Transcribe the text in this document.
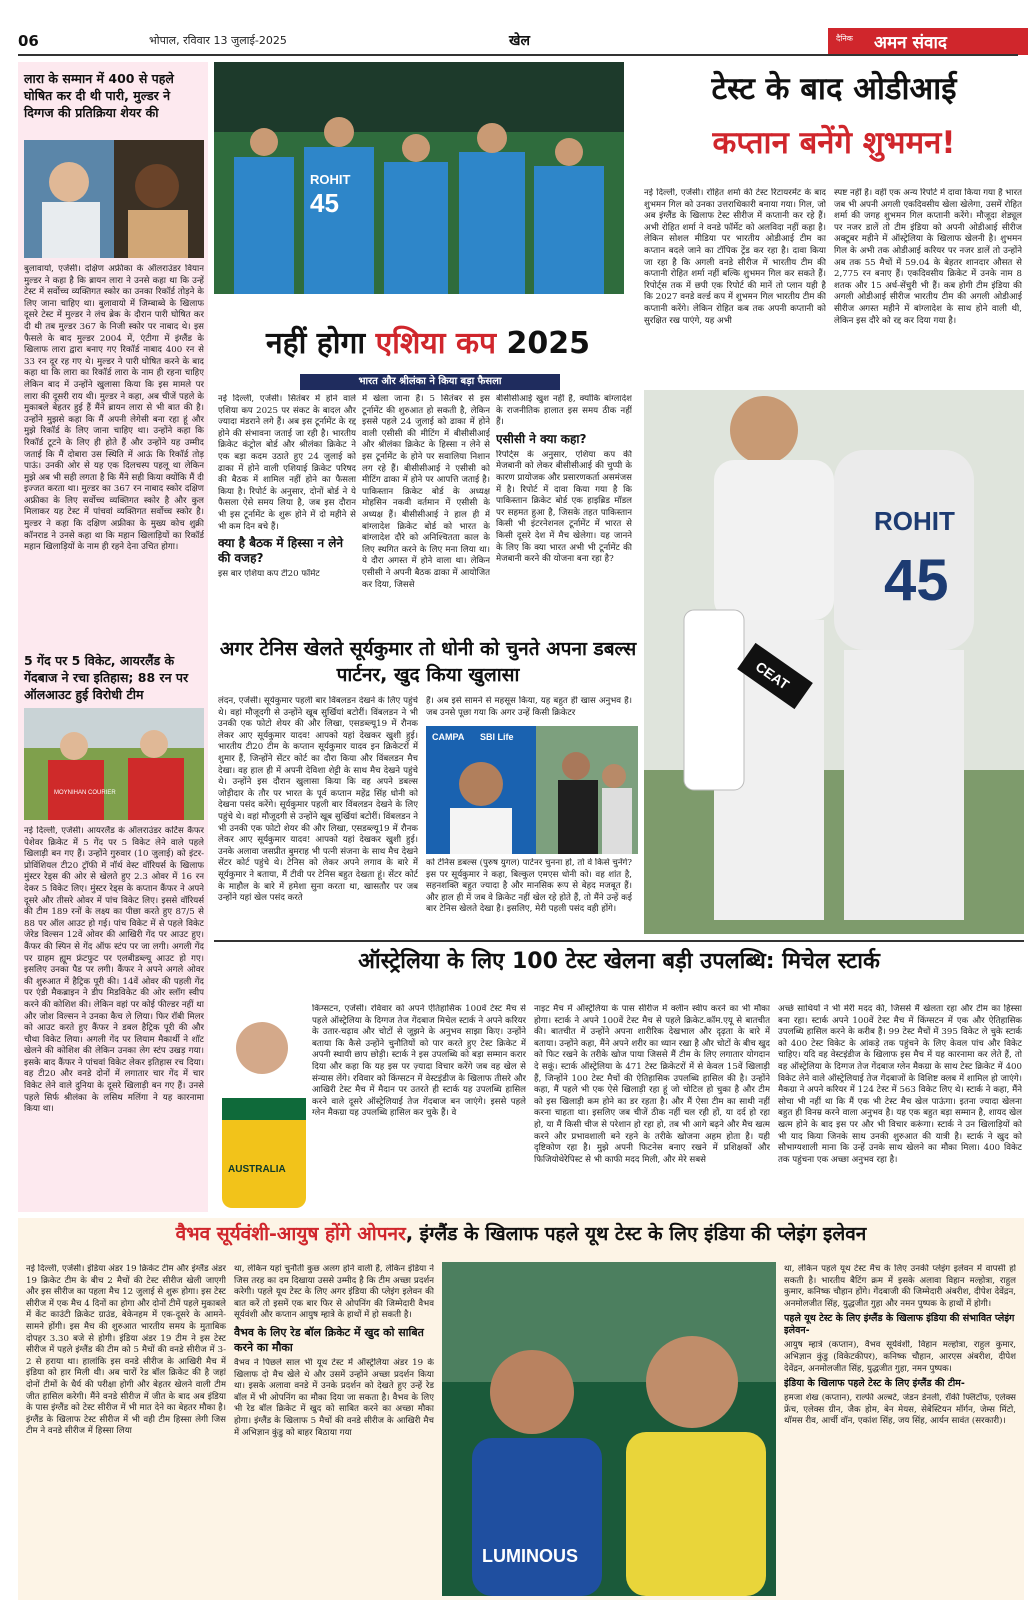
06	भोपाल, रविवार 13 जुलाई-2025	खेल	दैनिक अमन संवाद
लारा के सम्मान में 400 से पहले घोषित कर दी थी पारी, मुल्डर ने दिग्गज की प्रतिक्रिया शेयर की
बुलावायो, एजेंसी। दक्षिण अफ्रीका के ऑलराउंडर वियान मुल्डर ने कहा है कि ब्रायन लारा ने उनसे कहा था कि उन्हें टेस्ट में सर्वोच्च व्यक्तिगत स्कोर का उनका रिकॉर्ड तोड़ने के लिए जाना चाहिए था। बुलावायो में जिम्बाब्वे के खिलाफ दूसरे टेस्ट में मुल्डर ने लंच ब्रेक के दौरान पारी घोषित कर दी थी तब मुल्डर 367 के निजी स्कोर पर नाबाद थे। इस फैसले के बाद मुल्डर 2004 में, एंटीगा में इंग्लैंड के खिलाफ लारा द्वारा बनाए गए रिकॉर्ड नाबाद 400 रन से 33 रन दूर रह गए थे। मुल्डर ने पारी घोषित करने के बाद कहा था कि लारा का रिकॉर्ड लारा के नाम ही रहना चाहिए लेकिन बाद में उन्होंने खुलासा किया कि इस मामले पर लारा की दूसरी राय थी। मुल्डर ने कहा, अब चीजें पहले के मुकाबले बेहतर हुई हैं मैंने ब्रायन लारा से भी बात की है। उन्होंने मुझसे कहा कि मैं अपनी लेगेसी बना रहा हूं और मुझे रिकॉर्ड के लिए जाना चाहिए था। उन्होंने कहा कि रिकॉर्ड टूटने के लिए ही होते हैं और उन्होंने यह उम्मीद जताई कि मैं दोबारा उस स्थिति में आऊं कि रिकॉर्ड तोड़ पाऊं। उनकी ओर से यह एक दिलचस्प पहलू था लेकिन मुझे अब भी सही लगता है कि मैंने सही किया क्योंकि मैं दी इज्जत करता था। मुल्डर का 367 रन नाबाद स्कोर दक्षिण अफ्रीका के लिए सर्वोच्च व्यक्तिगत स्कोर है और कुल मिलाकर यह टेस्ट में पांचवां व्यक्तिगत सर्वोच्च स्कोर है। मुल्डर ने कहा कि दक्षिण अफ्रीका के मुख्य कोच शुक्री कॉनराड ने उनसे कहा था कि महान खिलाड़ियों का रिकॉर्ड महान खिलाड़ियों के नाम ही रहने देना उचित होगा।
5 गेंद पर 5 विकेट, आयरलैंड के गेंदबाज ने रचा इतिहास; 88 रन पर ऑलआउट हुई विरोधी टीम
MOYNIHAN COURIER
नई दिल्ली, एजेंसी। आयरलैंड के ऑलराउंडर कर्टिस कैंफर पेशेवर क्रिकेट में 5 गेंद पर 5 विकेट लेने वाले पहले खिलाड़ी बन गए हैं। उन्होंने गुरुवार (10 जुलाई) को इंटर-प्रोविंशियल टी20 ट्रॉफी में नॉर्थ वेस्ट वॉरियर्स के खिलाफ मुंस्टर रेड्स की ओर से खेलते हुए 2.3 ओवर में 16 रन देकर 5 विकेट लिए। मुंस्टर रेड्स के कप्तान कैंफर ने अपने दूसरे और तीसरे ओवर में पांच विकेट लिए। इससे वॉरियर्स की टीम 189 रनों के लक्ष्य का पीछा करते हुए 87/5 से 88 पर ऑल आउट हो गई। पांच विकेट में से पहले विकेट जेरेड विल्सन 12वें ओवर की आखिरी गेंद पर आउट हुए। कैंफर की स्पिन से गेंद ऑफ स्टंप पर जा लगी। अगली गेंद पर ग्राहम ह्यूम फ्रंटफुट पर एलबीडब्ल्यू आउट हो गए। इसलिए उनका पैड पर लगी। कैंफर ने अपने अगले ओवर की शुरुआत में हैट्रिक पूरी की। 14वें ओवर की पहली गेंद पर एंडी मैकब्राइन ने डीप मिडविकेट की ओर स्लॉग स्वीप करने की कोशिश की। लेकिन वहां पर कोई फील्डर नहीं था और जोश विल्सन ने उनका कैच ले लिया। फिर रॉबी मिलर को आउट करते हुए कैंफर ने डबल हैट्रिक पूरी की और चौथा विकेट लिया। अगली गेंद पर लियाम मैकार्थी ने शॉट खेलने की कोशिश की लेकिन उनका लेग स्टंप उखड़ गया। इसके बाद कैंफर ने पांचवां विकेट लेकर इतिहास रच दिया। वह टी20 और वनडे दोनों में लगातार चार गेंद में चार विकेट लेने वाले दुनिया के दूसरे खिलाड़ी बन गए हैं। उनसे पहले सिर्फ श्रीलंका के लसिथ मलिंगा ने यह कारनामा किया था।
ROHIT
45
टेस्ट के बाद ओडीआई
कप्तान बनेंगे शुभमन!
नई दिल्ली, एजेंसी। रोहित शर्मा की टेस्ट रिटायरमेंट के बाद शुभमन गिल को उनका उत्तराधिकारी बनाया गया। गिल, जो अब इंग्लैंड के खिलाफ टेस्ट सीरीज में कप्तानी कर रहे हैं। अभी रोहित शर्मा ने वनडे फॉर्मेट को अलविदा नहीं कहा है। लेकिन सोशल मीडिया पर भारतीय ओडीआई टीम का कप्तान बदले जाने का टॉपिक ट्रेंड कर रहा है। दावा किया जा रहा है कि अगली वनडे सीरीज में भारतीय टीम की कप्तानी रोहित शर्मा नहीं बल्कि शुभमन गिल कर सकते हैं। रिपोर्ट्स तक में छपी एक रिपोर्ट की मानें तो प्लान यही है कि 2027 वनडे वर्ल्ड कप में शुभमन गिल भारतीय टीम की कप्तानी करेंगे। लेकिन रोहित कब तक अपनी कप्तानी को सुरक्षित रख पाएंगे, यह अभी
स्पष्ट नहीं है। वहीं एक अन्य रिपोर्ट में दावा किया गया है भारत जब भी अपनी अगली एकदिवसीय खेला खेलेगा, उसमें रोहित शर्मा की जगह शुभमन गिल कप्तानी करेंगे। मौजूदा शेड्यूल पर नजर डालें तो टीम इंडिया को अपनी ओडीआई सीरीज अक्टूबर महीने में ऑस्ट्रेलिया के खिलाफ खेलनी है। शुभमन गिल के अभी तक ओडीआई करियर पर नजर डालें तो उन्होंने अब तक 55 मैचों में 59.04 के बेहतर शानदार औसत से 2,775 रन बनाए हैं। एकदिवसीय क्रिकेट में उनके नाम 8 शतक और 15 अर्ध-सेंचुरी भी हैं। कब होगी टीम इंडिया की अगली ओडीआई सीरीज भारतीय टीम की अगली ओडीआई सीरीज अगस्त महीने में बांग्लादेश के साथ होने वाली थी, लेकिन इस दौरे को रद्द कर दिया गया है।
ROHIT
45
CEAT
नहीं होगा एशिया कप 2025
भारत और श्रीलंका ने किया बड़ा फैसला
नई दिल्ली, एजेंसी। सितंबर में होने वाले एशिया कप 2025 पर संकट के बादल और ज्यादा मंडराने लगे हैं। अब इस टूर्नामेंट के रद्द होने की संभावना जताई जा रही है। भारतीय क्रिकेट कंट्रोल बोर्ड और श्रीलंका क्रिकेट ने एक बड़ा कदम उठाते हुए 24 जुलाई को ढाका में होने वाली एशियाई क्रिकेट परिषद की बैठक में शामिल नहीं होने का फैसला किया है। रिपोर्ट के अनुसार, दोनों बोर्ड ने ये फैसला ऐसे समय लिया है, जब इस दौरान भी इस टूर्नामेंट के शुरू होने में दो महीने से भी कम दिन बचे हैं।
क्या है बैठक में हिस्सा न लेने की वजह?
इस बार एशिया कप टी20 फॉर्मेट
में खेला जाना है। 5 सितंबर से इस टूर्नामेंट की शुरुआत हो सकती है, लेकिन इससे पहले 24 जुलाई को ढाका में होने वाली एसीसी की मीटिंग में बीसीसीआई और श्रीलंका क्रिकेट के हिस्सा न लेने से इस टूर्नामेंट के होने पर सवालिया निशान लग रहे हैं। बीसीसीआई ने एसीसी को मीटिंग ढाका में होने पर आपत्ति जताई है। पाकिस्तान क्रिकेट बोर्ड के अध्यक्ष मोहसिन नकवी वर्तमान में एसीसी के अध्यक्ष हैं। बीसीसीआई ने हाल ही में बांग्लादेश क्रिकेट बोर्ड को भारत के बांग्लादेश दौरे को अनिश्चितता काल के लिए स्थगित करने के लिए मना लिया था। ये दौरा अगस्त में होने वाला था। लेकिन एसीसी ने अपनी बैठक ढाका में आयोजित कर दिया, जिससे
बीसीसीआई खुश नहीं है, क्योंकि बांग्लादेश के राजनीतिक हालात इस समय ठीक नहीं हैं।
एसीसी ने क्या कहा?
रिपोर्ट्स के अनुसार, एशिया कप की मेजबानी को लेकर बीसीसीआई की चुप्पी के कारण प्रायोजक और प्रसारणकर्ता असमंजस में है। रिपोर्ट में दावा किया गया है कि पाकिस्तान क्रिकेट बोर्ड एक हाइब्रिड मॉडल पर सहमत हुआ है, जिसके तहत पाकिस्तान किसी भी इंटरनेशनल टूर्नामेंट में भारत से किसी दूसरे देश में मैच खेलेगा। यह जानने के लिए कि क्या भारत अभी भी टूर्नामेंट की मेजबानी करने की योजना बना रहा है?
अगर टेनिस खेलते सूर्यकुमार तो धोनी को चुनते अपना डबल्स पार्टनर, खुद किया खुलासा
लंदन, एजेंसी। सूर्यकुमार पहली बार विंबलडन देखने के लिए पहुंचे थे। वहां मौजूदगी से उन्होंने खूब सुर्खियां बटोरीं। विंबलडन ने भी उनकी एक फोटो शेयर की और लिखा, एसडब्ल्यू19 में रौनक लेकर आए सूर्यकुमार यादव! आपको यहां देखकर खुशी हुई। भारतीय टी20 टीम के कप्तान सूर्यकुमार यादव इन क्रिकेटरों में शुमार हैं, जिन्होंने सेंटर कोर्ट का दौरा किया और विंबलडन मैच देखा। वह हाल ही में अपनी देविशा शेट्टी के साथ मैच देखने पहुंचे थे। उन्होंने इस दौरान खुलासा किया कि वह अपने डबल्स जोड़ीदार के तौर पर भारत के पूर्व कप्तान महेंद्र सिंह धोनी को देखना पसंद करेंगे। सूर्यकुमार पहली बार विंबलडन देखने के लिए पहुंचे थे। वहां मौजूदगी से उन्होंने खूब सुर्खियां बटोरीं। विंबलडन ने भी उनकी एक फोटो शेयर की और लिखा, एसडब्ल्यू19 में रौनक लेकर आए सूर्यकुमार यादव! आपको यहां देखकर खुशी हुई। उनके अलावा जसप्रीत बुमराह भी पत्नी संजना के साथ मैच देखने सेंटर कोर्ट पहुंचे थे। टेनिस को लेकर अपने लगाव के बारे में सूर्यकुमार ने बताया, मैं टीवी पर टेनिस बहुत देखता हूं। सेंटर कोर्ट के माहौल के बारे में हमेशा सुना करता था, खासतौर पर जब उन्होंने यहां खेल पसंद करते
हैं। अब इसे सामने से महसूस किया, यह बहुत ही खास अनुभव है। जब उनसे पूछा गया कि अगर उन्हें किसी क्रिकेटर
CAMPA SBI Life
को टेनिस डबल्स (पुरुष युगल) पार्टनर चुनना हो, तो वे किसे चुनेंगे? इस पर सूर्यकुमार ने कहा, बिल्कुल एमएस धोनी को। वह शांत है, सहनशक्ति बहुत ज्यादा है और मानसिक रूप से बेहद मजबूत हैं। और हाल ही में जब वे क्रिकेट नहीं खेल रहे होते हैं, तो मैंने उन्हें कई बार टेनिस खेलते देखा है। इसलिए, मेरी पहली पसंद वही होंगे।
ऑस्ट्रेलिया के लिए 100 टेस्ट खेलना बड़ी उपलब्धि: मिचेल स्टार्क
AUSTRALIA
किंग्सटन, एजेंसी। रविवार को अपने ऐतिहासिक 100वें टेस्ट मैच से पहले ऑस्ट्रेलिया के दिग्गज तेज गेंदबाज मिचेल स्टार्क ने अपने करियर के उतार-चढ़ाव और चोटों से जूझने के अनुभव साझा किए। उन्होंने बताया कि कैसे उन्होंने चुनौतियों को पार करते हुए टेस्ट क्रिकेट में अपनी स्थायी छाप छोड़ी। स्टार्क ने इस उपलब्धि को बड़ा सम्मान करार दिया और कहा कि यह इस पर ज़्यादा विचार करेंगे जब वह खेल से संन्यास लेंगे। रविवार को किंग्सटन में वेस्टइंडीज के खिलाफ तीसरे और आखिरी टेस्ट मैच में मैदान पर उतरते ही स्टार्क यह उपलब्धि हासिल करने वाले दूसरे ऑस्ट्रेलियाई तेज गेंदबाज बन जाएंगे। इससे पहले ग्लेन मैकग्रा यह उपलब्धि हासिल कर चुके हैं। वे
नाइट मैच में ऑस्ट्रेलिया के पास सीरीज में क्लीन स्वीप करने का भी मौका होगा। स्टार्क ने अपने 100वें टेस्ट मैच से पहले क्रिकेट.कॉम.एयू से बातचीत की। बातचीत में उन्होंने अपना शारीरिक देखभाल और दृढ़ता के बारे में बताया। उन्होंने कहा, मैंने अपने शरीर का ध्यान रखा है और चोटों के बीच खुद को फिट रखने के तरीके खोज पाया जिससे मैं टीम के लिए लगातार योगदान दे सकूं। स्टार्क ऑस्ट्रेलिया के 471 टेस्ट क्रिकेटरों में से केवल 15वें खिलाड़ी हैं, जिन्होंने 100 टेस्ट मैचों की ऐतिहासिक उपलब्धि हासिल की है। उन्होंने कहा, मैं पहले भी एक ऐसे खिलाड़ी रहा हूं जो चोटिल हो चुका है और टीम को इस खिलाड़ी कम होने का डर रहता है। और मैं ऐसा टीम का साथी नहीं करना चाहता था। इसलिए जब चीजें ठीक नहीं चल रही हों, या दर्द हो रहा हो, या मैं किसी चीज से परेशान हो रहा हो, तब भी आगे बढ़ने और मैच खत्म करने और प्रभावशाली बने रहने के तरीके खोजना अहम होता है। यही दृष्टिकोण रहा है। मुझे अपनी फिटनेस बनाए रखने में प्रशिक्षकों और फिजियोथेरेपिस्ट से भी काफी मदद मिली, और मेरे सबसे
अच्छे साथियों ने भी मेरी मदद की, जिससे मैं खेलता रहा और टीम का हिस्सा बना रहा। स्टार्क अपने 100वें टेस्ट मैच में किंग्सटन में एक और ऐतिहासिक उपलब्धि हासिल करने के करीब हैं। 99 टेस्ट मैचों में 395 विकेट ले चुके स्टार्क को 400 टेस्ट विकेट के आंकड़े तक पहुंचने के लिए केवल पांच और विकेट चाहिए। यदि वह वेस्टइंडीज के खिलाफ इस मैच में यह कारनामा कर लेते हैं, तो वह ऑस्ट्रेलिया के दिग्गज तेज गेंदबाज ग्लेन मैकग्रा के साथ टेस्ट क्रिकेट में 400 विकेट लेने वाले ऑस्ट्रेलियाई तेज गेंदबाजों के विशिष्ट क्लब में शामिल हो जाएंगे। मैकग्रा ने अपने करियर में 124 टेस्ट में 563 विकेट लिए थे। स्टार्क ने कहा, मैंने सोचा भी नहीं था कि मैं एक भी टेस्ट मैच खेल पाऊंगा। इतना ज्यादा खेलना बहुत ही विनम्र करने वाला अनुभव है। यह एक बहुत बड़ा सम्मान है, शायद खेल खत्म होने के बाद इस पर और भी विचार करूंगा। स्टार्क ने उन खिलाड़ियों को भी याद किया जिनके साथ उनकी शुरुआत की यात्री है। स्टार्क ने खुद को सौभाग्यशाली माना कि उन्हें उनके साथ खेलने का मौका मिला। 400 विकेट तक पहुंचना एक अच्छा अनुभव रहा है।
वैभव सूर्यवंशी-आयुष होंगे ओपनर, इंग्लैंड के खिलाफ पहले यूथ टेस्ट के लिए इंडिया की प्लेइंग इलेवन
नई दिल्ली, एजेंसी। इंडिया अंडर 19 क्रिकेट टीम और इंग्लैंड अंडर 19 क्रिकेट टीम के बीच 2 मैचों की टेस्ट सीरीज खेली जाएगी और इस सीरीज का पहला मैच 12 जुलाई से शुरू होगा। इस टेस्ट सीरीज में एक मैच 4 दिनों का होगा और दोनों टीमें पहले मुकाबले में केंट काउंटी क्रिकेट ग्राउंड, बेकेनहम में एक-दूसरे के आमने-सामने होंगी। इस मैच की शुरुआत भारतीय समय के मुताबिक दोपहर 3.30 बजे से होगी। इंडिया अंडर 19 टीम ने इस टेस्ट सीरीज में पहले इंग्लैंड की टीम को 5 मैचों की वनडे सीरीज में 3-2 से हराया था। हालांकि इस वनडे सीरीज के आखिरी मैच में इंडिया को हार मिली थी। अब चारों रेड बॉल क्रिकेट की है जहां दोनों टीमों के धैर्य की परीक्षा होगी और बेहतर खेलने वाली टीम जीत हासिल करेगी। मैंने वनडे सीरीज में जीत के बाद अब इंडिया के पास इंग्लैंड को टेस्ट सीरीज में भी मात देने का बेहतर मौका है। इंग्लैंड के खिलाफ टेस्ट सीरीज में भी वही टीम हिस्सा लेगी जिस टीम ने वनडे सीरीज में हिस्सा लिया
था, लेकिन यहां चुनौती कुछ अलग होने वाली है, लेकिन इंडिया ने जिस तरह का दम दिखाया उससे उम्मीद है कि टीम अच्छा प्रदर्शन करेगी। पहले यूथ टेस्ट के लिए अगर इंडिया की प्लेइंग इलेवन की बात करें तो इसमें एक बार फिर से ओपनिंग की जिम्मेदारी वैभव सूर्यवंशी और कप्तान आयुष म्हात्रे के हाथों में हो सकती है।
वैभव के लिए रेड बॉल क्रिकेट में खुद को साबित करने का मौका
वैभव ने पिछले साल भी यूथ टेस्ट में ऑस्ट्रेलिया अंडर 19 के खिलाफ दो मैच खेले थे और उसमें उन्होंने अच्छा प्रदर्शन किया था। इसके अलावा वनडे में उनके प्रदर्शन को देखते हुए उन्हें रेड बॉल में भी ओपनिंग का मौका दिया जा सकता है। वैभव के लिए भी रेड बॉल क्रिकेट में खुद को साबित करने का अच्छा मौका होगा। इंग्लैंड के खिलाफ 5 मैचों की वनडे सीरीज के आखिरी मैच में अभिज्ञान कुंडु को बाहर बिठाया गया
LUMINOUS
था, लेकिन पहले यूथ टेस्ट मैच के लिए उनकी प्लेइंग इलेवन में वापसी हो सकती है। भारतीय बैटिंग क्रम में इसके अलावा विहान मल्होत्रा, राहुल कुमार, कनिष्क चौहान होंगे। गेंदबाजी की जिम्मेदारी अंबरीश, दीपेश देवेंद्रन, अनमोलजीत सिंह, युद्धजीत गुहा और नमन पुष्पक के हाथों में होगी।
पहले यूथ टेस्ट के लिए इंग्लैंड के खिलाफ इंडिया की संभावित प्लेइंग इलेवन-
आयुष म्हात्रे (कप्तान), वैभव सूर्यवंशी, विहान मल्होत्रा, राहुल कुमार, अभिज्ञान कुंडु (विकेटकीपर), कनिष्क चौहान, आरएस अंबरीश, दीपेश देवेंद्रन, अनमोलजीत सिंह, युद्धजीत गुहा, नमन पुष्पक।
इंडिया के खिलाफ पहले टेस्ट के लिए इंग्लैंड की टीम-
हमजा शेख (कप्तान), राल्फी अल्बर्ट, जेडन डेनली, रॉकी फ्लिंटॉफ, एलेक्स फ्रेंच, एलेक्स ग्रीन, जैक होम, बेन मेयस, सेबेस्टियन मॉर्गन, जेम्स मिंटो, थॉमस रीव, आर्ची वॉन, एकांश सिंह, जय सिंह, आर्यन सावंत (सरकारी)।
